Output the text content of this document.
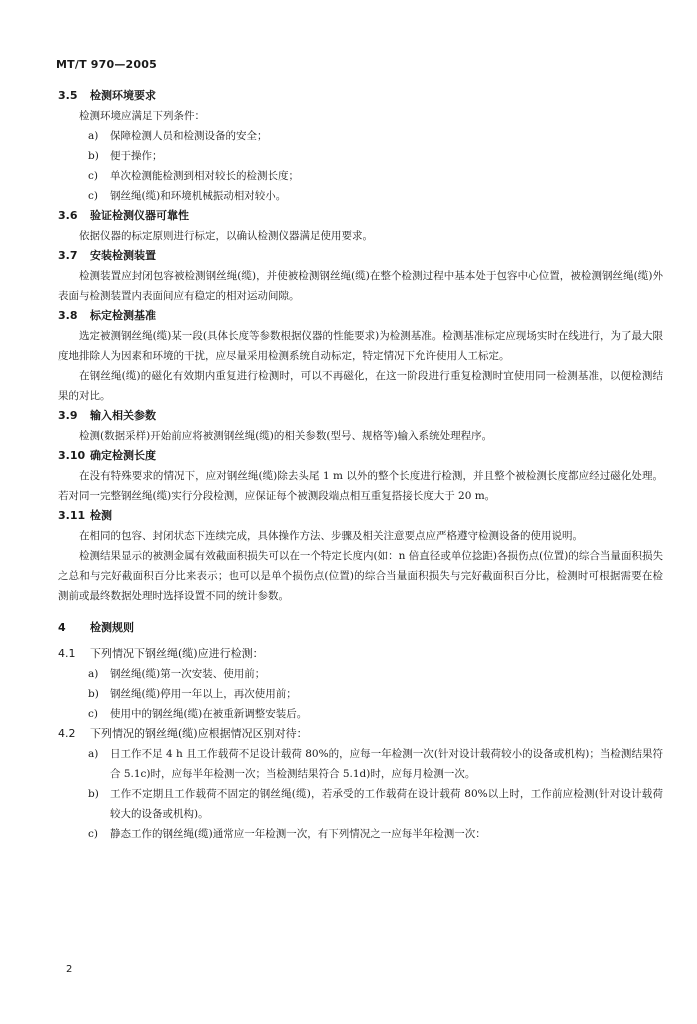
MT/T 970—2005
3.5 检测环境要求

检测环境应满足下列条件：

a) 保障检测人员和检测设备的安全；
b) 便于操作；
c) 单次检测能检测到相对较长的检测长度；
c) 钢丝绳(缆)和环境机械振动相对较小。
3.6 验证检测仪器可靠性

依据仪器的标定原则进行标定，以确认检测仪器满足使用要求。

3.7 安装检测装置

检测装置应封闭包容被检测钢丝绳(缆)，并使被检测钢丝绳(缆)在整个检测过程中基本处于包容中心位置，被检测钢丝绳(缆)外表面与检测装置内表面间应有稳定的相对运动间隙。

3.8 标定检测基准

选定被测钢丝绳(缆)某一段(具体长度等参数根据仪器的性能要求)为检测基准。检测基准标定应现场实时在线进行，为了最大限度地排除人为因素和环境的干扰，应尽量采用检测系统自动标定，特定情况下允许使用人工标定。

在钢丝绳(缆)的磁化有效期内重复进行检测时，可以不再磁化，在这一阶段进行重复检测时宜使用同一检测基准，以便检测结果的对比。

3.9 输入相关参数

检测(数据采样)开始前应将被测钢丝绳(缆)的相关参数(型号、规格等)输入系统处理程序。

3.10 确定检测长度

在没有特殊要求的情况下，应对钢丝绳(缆)除去头尾 1 m 以外的整个长度进行检测，并且整个被检测长度都应经过磁化处理。若对同一完整钢丝绳(缆)实行分段检测，应保证每个被测段端点相互重复搭接长度大于 20 m。

3.11 检测

在相同的包容、封闭状态下连续完成，具体操作方法、步骤及相关注意要点应严格遵守检测设备的使用说明。

检测结果显示的被测金属有效截面积损失可以在一个特定长度内(如：n 倍直径或单位捻距)各损伤点(位置)的综合当量面积损失之总和与完好截面积百分比来表示；也可以是单个损伤点(位置)的综合当量面积损失与完好截面积百分比，检测时可根据需要在检测前或最终数据处理时选择设置不同的统计参数。

4 检测规则
4.1 下列情况下钢丝绳(缆)应进行检测：
a) 钢丝绳(缆)第一次安装、使用前；
b) 钢丝绳(缆)停用一年以上，再次使用前；
c) 使用中的钢丝绳(缆)在被重新调整安装后。
4.2 下列情况的钢丝绳(缆)应根据情况区别对待：
a) 日工作不足 4 h 且工作载荷不足设计载荷 80%的，应每一年检测一次(针对设计载荷较小的设备或机构)；当检测结果符合 5.1c)时，应每半年检测一次；当检测结果符合 5.1d)时，应每月检测一次。
b) 工作不定期且工作载荷不固定的钢丝绳(缆)，若承受的工作载荷在设计载荷 80%以上时，工作前应检测(针对设计载荷较大的设备或机构)。
c) 静态工作的钢丝绳(缆)通常应一年检测一次，有下列情况之一应每半年检测一次：
2
